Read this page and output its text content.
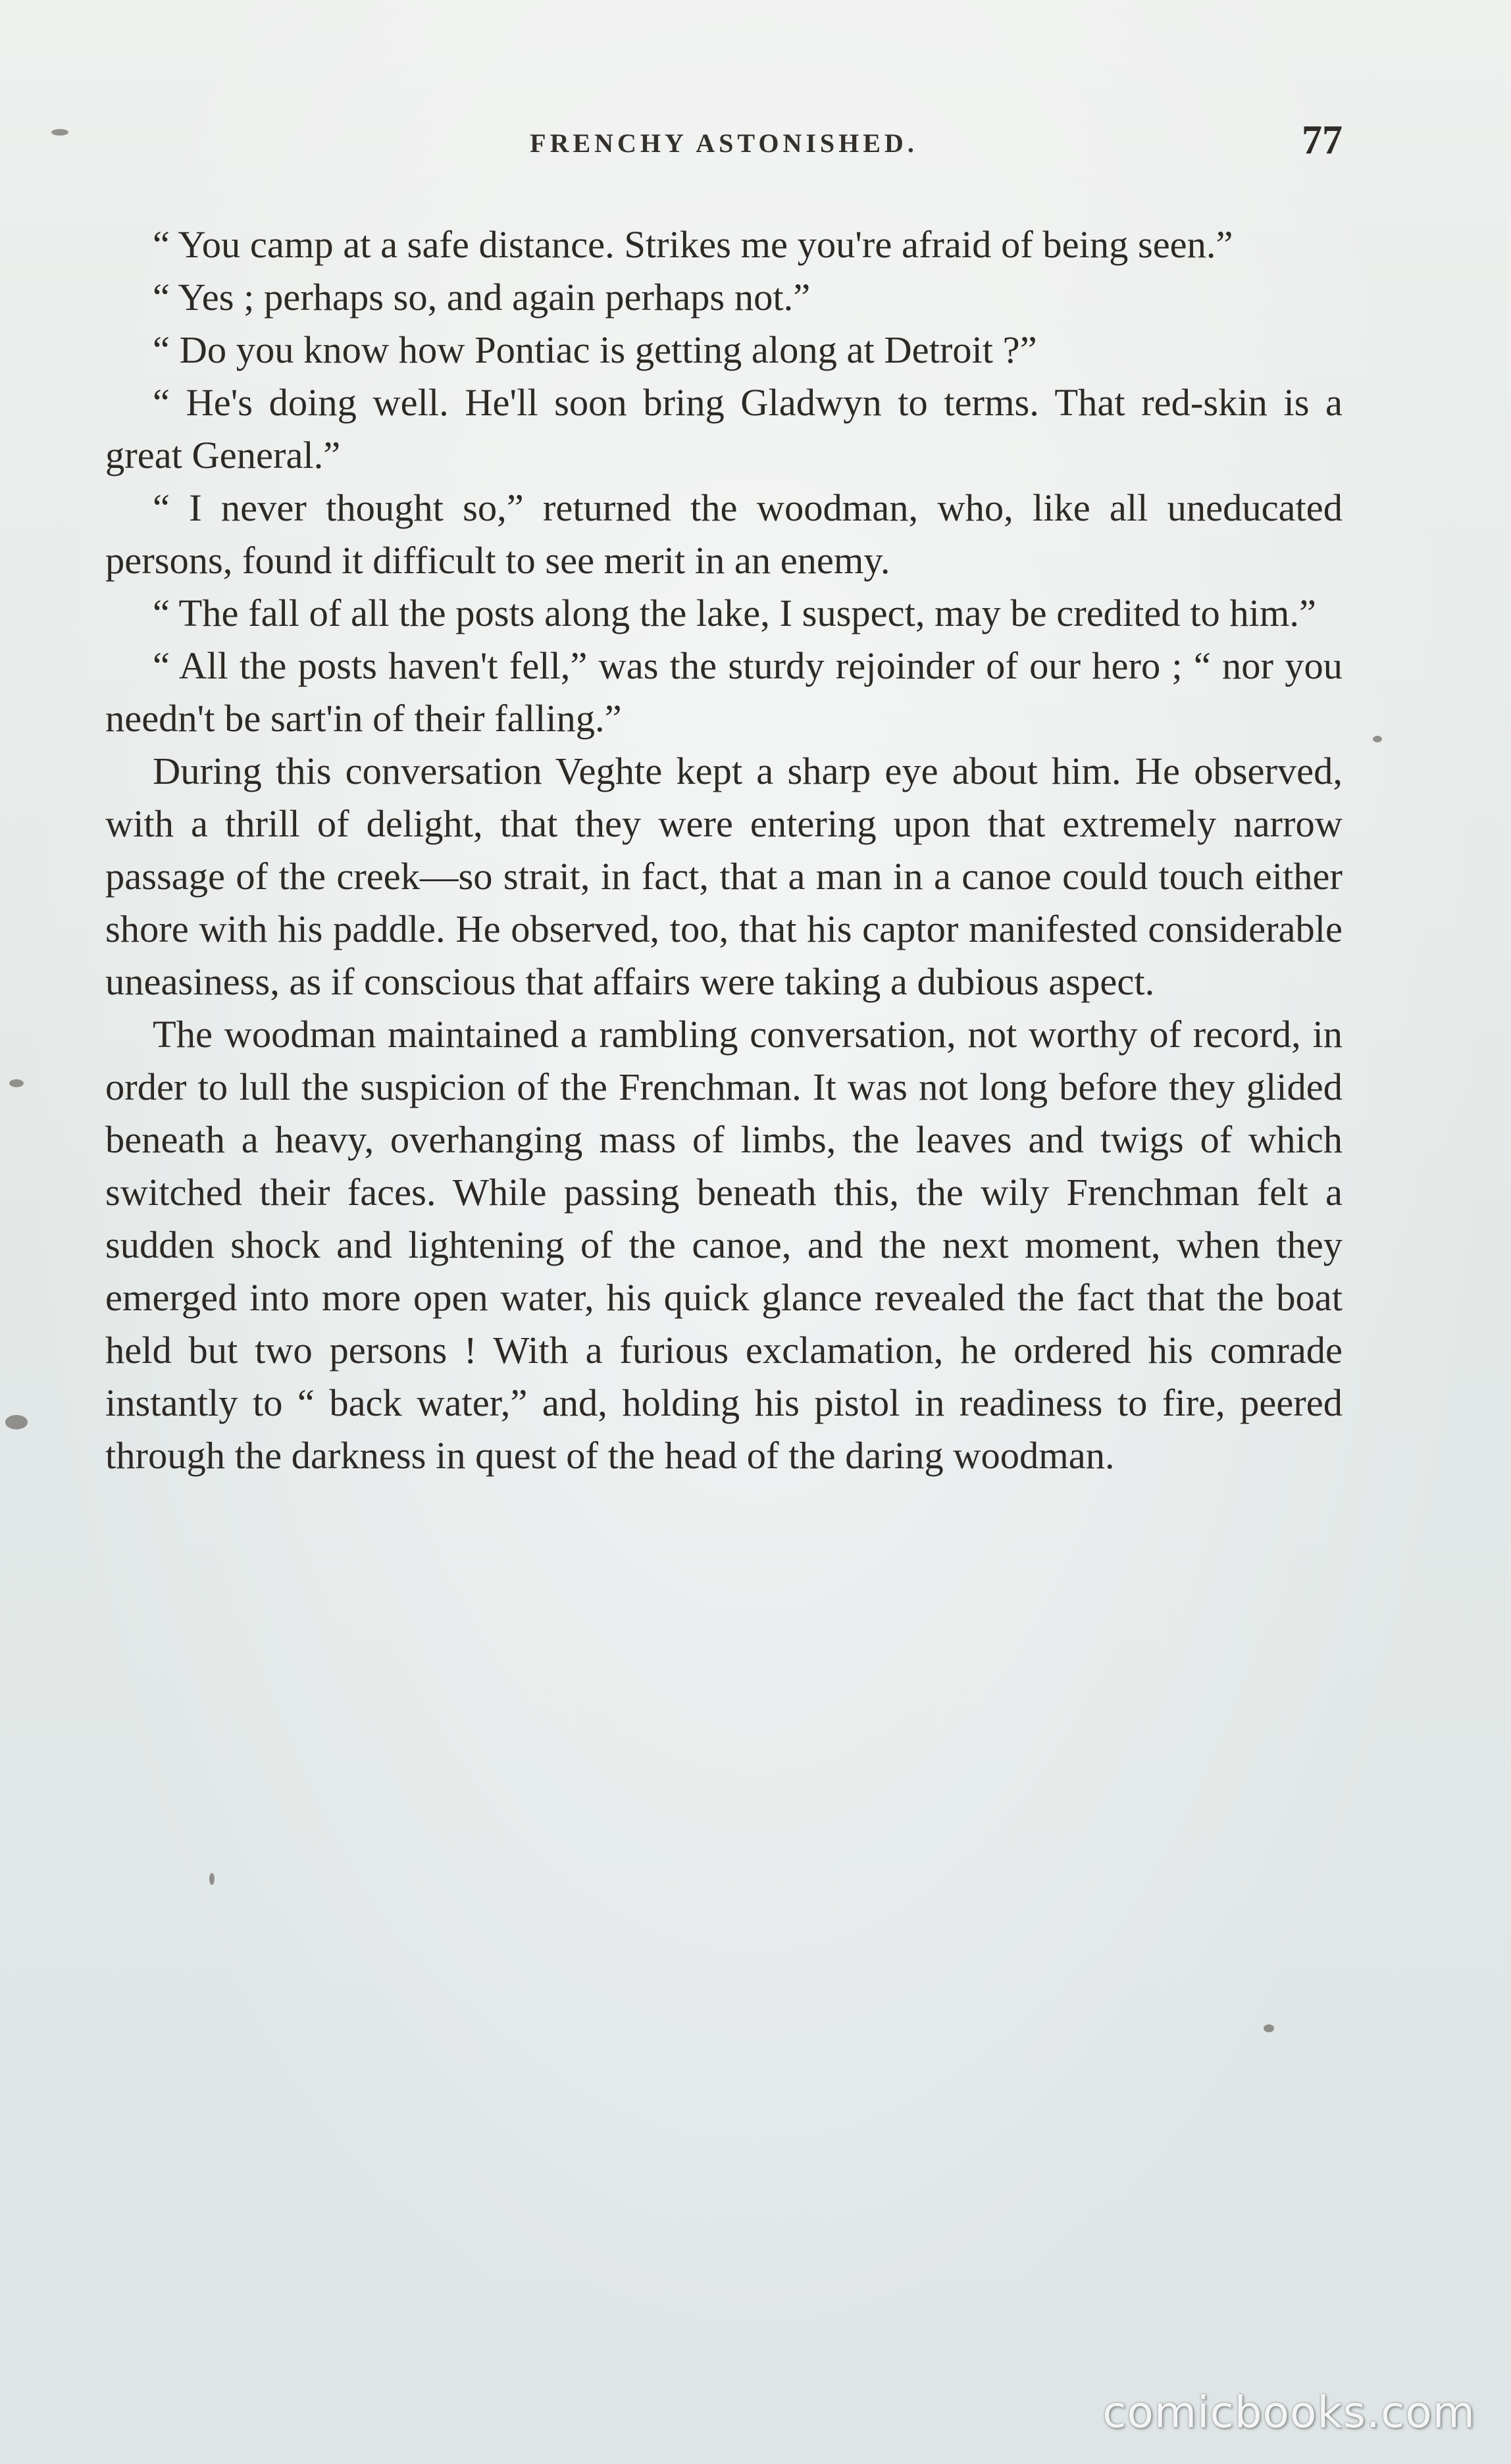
FRENCHY ASTONISHED.	77

“ You camp at a safe distance. Strikes me you're afraid of being seen.”

“ Yes ; perhaps so, and again perhaps not.”

“ Do you know how Pontiac is getting along at Detroit ?”

“ He's doing well. He'll soon bring Gladwyn to terms. That red-skin is a great General.”

“ I never thought so,” returned the woodman, who, like all uneducated persons, found it difficult to see merit in an enemy.

“ The fall of all the posts along the lake, I suspect, may be credited to him.”

“ All the posts haven't fell,” was the sturdy rejoinder of our hero ; “ nor you needn't be sart'in of their falling.”

During this conversation Veghte kept a sharp eye about him. He observed, with a thrill of delight, that they were entering upon that extremely narrow passage of the creek—so strait, in fact, that a man in a canoe could touch either shore with his paddle. He observed, too, that his captor manifested considerable uneasiness, as if conscious that affairs were taking a dubious aspect.

The woodman maintained a rambling conversation, not worthy of record, in order to lull the suspicion of the Frenchman. It was not long before they glided beneath a heavy, overhanging mass of limbs, the leaves and twigs of which switched their faces. While passing beneath this, the wily Frenchman felt a sudden shock and lightening of the canoe, and the next moment, when they emerged into more open water, his quick glance revealed the fact that the boat held but two persons ! With a furious exclamation, he ordered his comrade instantly to “ back water,” and, holding his pistol in readiness to fire, peered through the darkness in quest of the head of the daring woodman.

comicbooks.com
